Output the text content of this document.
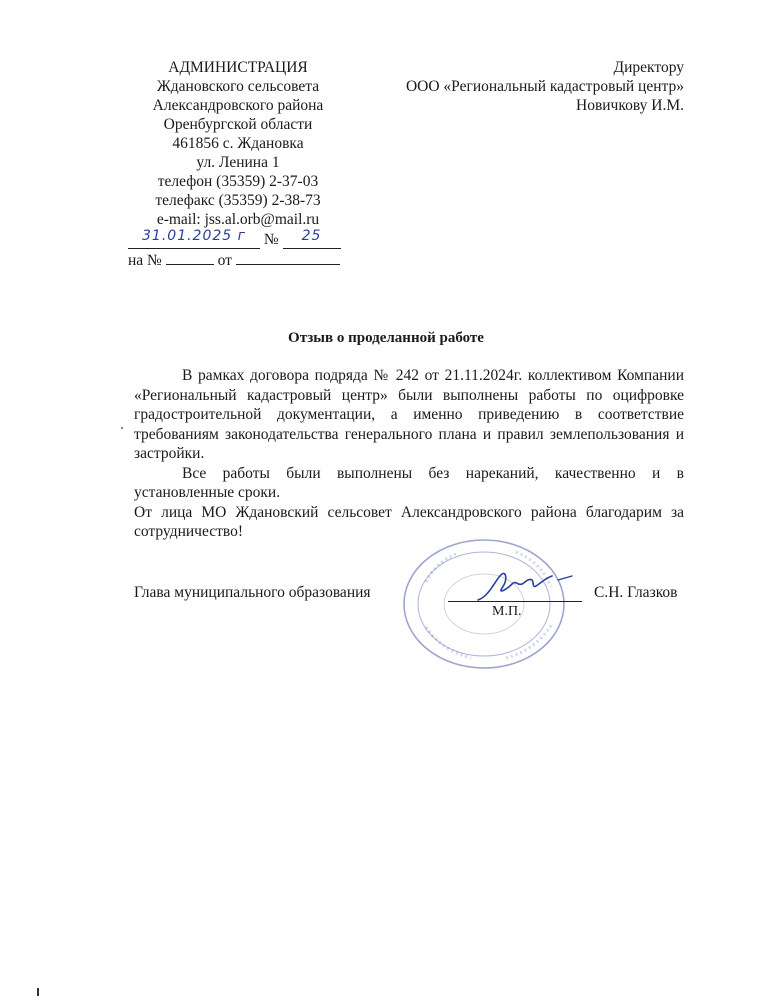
АДМИНИСТРАЦИЯ
Ждановского сельсовета
Александровского района
Оренбургской области
461856 с. Ждановка
ул. Ленина 1
телефон (35359) 2-37-03
телефакс (35359) 2-38-73
e-mail: jss.al.orb@mail.ru
31.01.2025 г	№	25
на №	от
Директору
ООО «Региональный кадастровый центр»
Новичкову И.М.
Отзыв о проделанной работе

В рамках договора подряда № 242 от 21.11.2024г. коллективом Компании «Региональный кадастровый центр» были выполнены работы по оцифровке градостроительной документации, а именно приведению в соответствие требованиям законодательства генерального плана и правил землепользования и застройки.

Все работы были выполнены без нареканий, качественно и в установленные сроки.

От лица МО Ждановский сельсовет Александровского района благодарим за сотрудничество!

Глава муниципального образования
М.П.
С.Н. Глазков
